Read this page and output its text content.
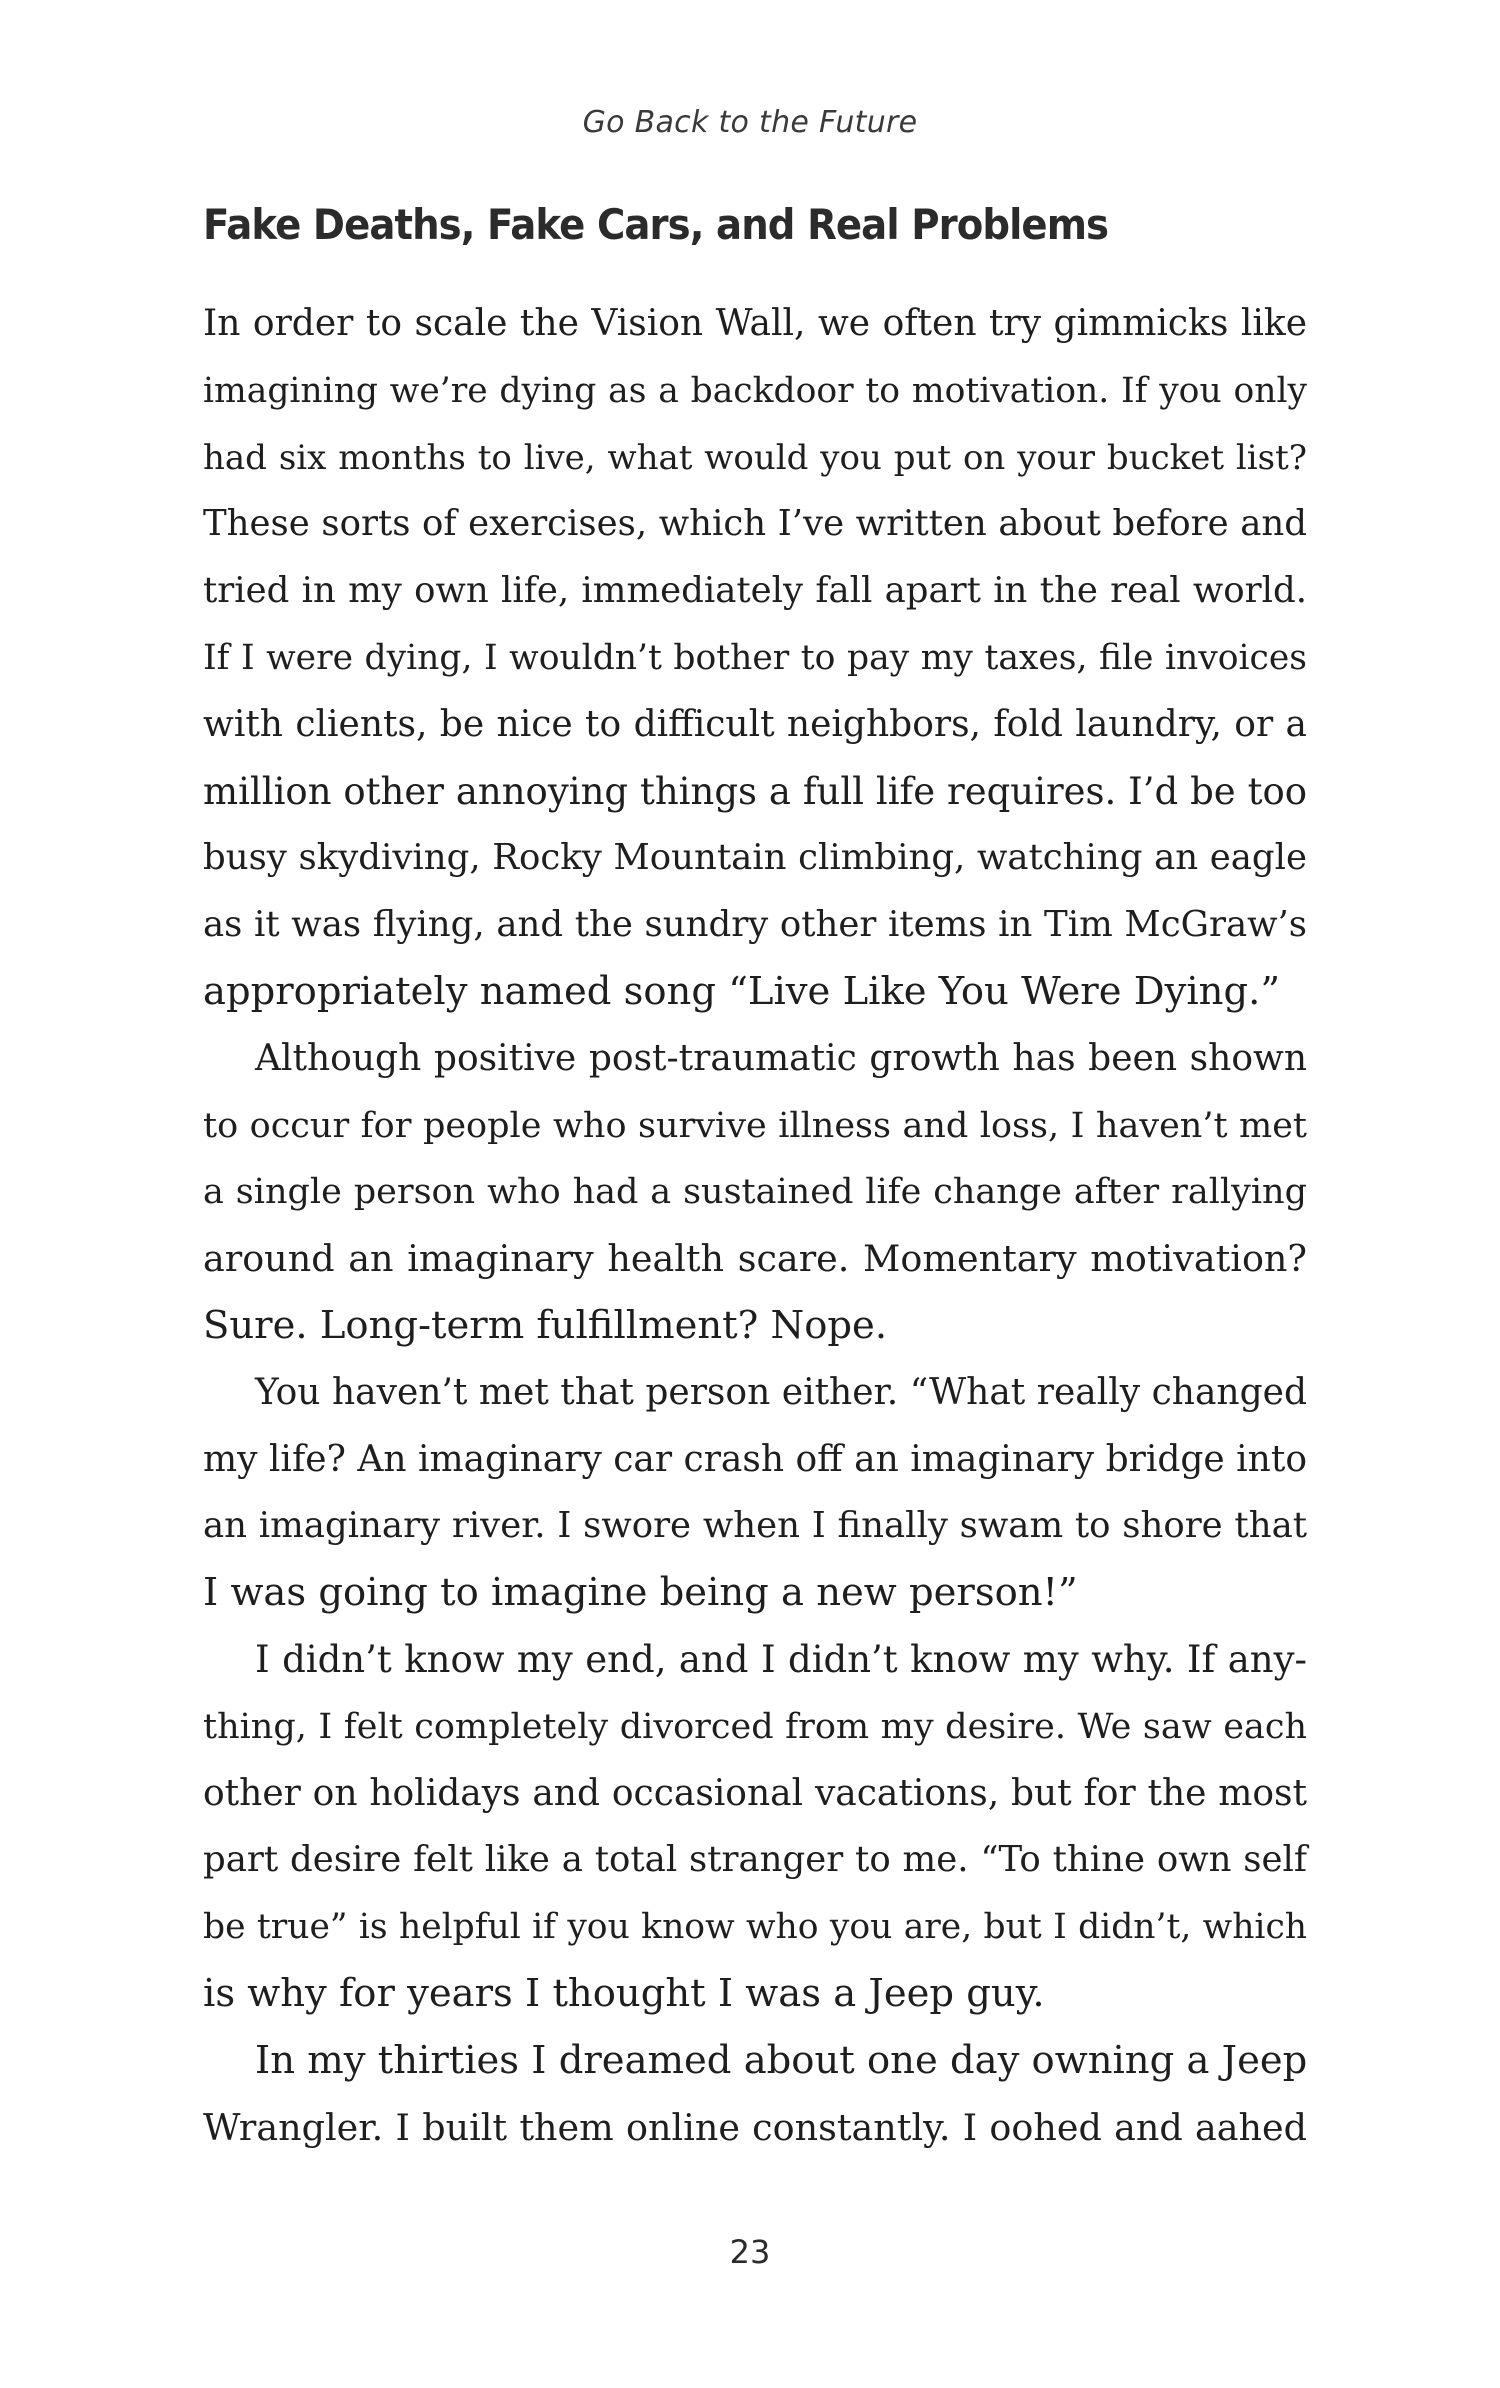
Go Back to the Future
Fake Deaths, Fake Cars, and Real Problems
In order to scale the Vision Wall, we often try gimmicks like
imagining we’re dying as a backdoor to motivation. If you only
had six months to live, what would you put on your bucket list?
These sorts of exercises, which I’ve written about before and
tried in my own life, immediately fall apart in the real world.
If I were dying, I wouldn’t bother to pay my taxes, file invoices
with clients, be nice to difficult neighbors, fold laundry, or a
million other annoying things a full life requires. I’d be too
busy skydiving, Rocky Mountain climbing, watching an eagle
as it was flying, and the sundry other items in Tim McGraw’s
appropriately named song “Live Like You Were Dying.”
Although positive post-traumatic growth has been shown
to occur for people who survive illness and loss, I haven’t met
a single person who had a sustained life change after rallying
around an imaginary health scare. Momentary motivation?
Sure. Long-term fulfillment? Nope.
You haven’t met that person either. “What really changed
my life? An imaginary car crash off an imaginary bridge into
an imaginary river. I swore when I finally swam to shore that
I was going to imagine being a new person!”
I didn’t know my end, and I didn’t know my why. If any-
thing, I felt completely divorced from my desire. We saw each
other on holidays and occasional vacations, but for the most
part desire felt like a total stranger to me. “To thine own self
be true” is helpful if you know who you are, but I didn’t, which
is why for years I thought I was a Jeep guy.
In my thirties I dreamed about one day owning a Jeep
Wrangler. I built them online constantly. I oohed and aahed
23
